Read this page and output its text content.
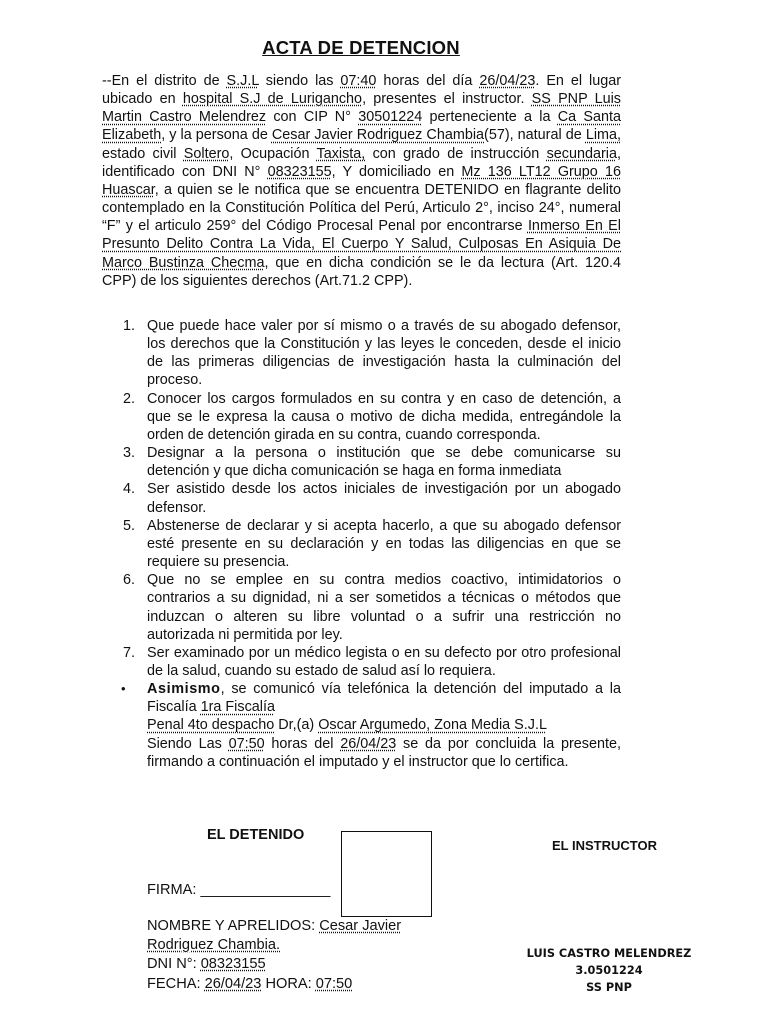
ACTA DE DETENCION

--En el distrito de S.J.L siendo las 07:40 horas del día 26/04/23. En el lugar ubicado en hospital S.J de Lurigancho, presentes el instructor. SS PNP Luis Martin Castro Melendrez con CIP N° 30501224 perteneciente a la Ca Santa Elizabeth, y la persona de Cesar Javier Rodriguez Chambia(57), natural de Lima, estado civil Soltero, Ocupación Taxista, con grado de instrucción secundaria, identificado con DNI N° 08323155, Y domiciliado en Mz 136 LT12 Grupo 16 Huascar, a quien se le notifica que se encuentra DETENIDO en flagrante delito contemplado en la Constitución Política del Perú, Articulo 2°, inciso 24°, numeral “F” y el articulo 259° del Código Procesal Penal por encontrarse Inmerso En El Presunto Delito Contra La Vida, El Cuerpo Y Salud, Culposas En Asiquia De Marco Bustinza Checma, que en dicha condición se le da lectura (Art. 120.4 CPP) de los siguientes derechos (Art.71.2 CPP).

1. Que puede hace valer por sí mismo o a través de su abogado defensor, los derechos que la Constitución y las leyes le conceden, desde el inicio de las primeras diligencias de investigación hasta la culminación del proceso.
2. Conocer los cargos formulados en su contra y en caso de detención, a que se le expresa la causa o motivo de dicha medida, entregándole la orden de detención girada en su contra, cuando corresponda.
3. Designar a la persona o institución que se debe comunicarse su detención y que dicha comunicación se haga en forma inmediata
4. Ser asistido desde los actos iniciales de investigación por un abogado defensor.
5. Abstenerse de declarar y si acepta hacerlo, a que su abogado defensor esté presente en su declaración y en todas las diligencias en que se requiere su presencia.
6. Que no se emplee en su contra medios coactivo, intimidatorios o contrarios a su dignidad, ni a ser sometidos a técnicas o métodos que induzcan o alteren su libre voluntad o a sufrir una restricción no autorizada ni permitida por ley.
7. Ser examinado por un médico legista o en su defecto por otro profesional de la salud, cuando su estado de salud así lo requiera.
• Asimismo, se comunicó vía telefónica la detención del imputado a la Fiscalía 1ra Fiscalía
Penal 4to despacho Dr,(a) Oscar Argumedo, Zona Media S.J.L
Siendo Las 07:50 horas del 26/04/23 se da por concluida la presente, firmando a continuación el imputado y el instructor que lo certifica.
EL DETENIDO
EL INSTRUCTOR
FIRMA: ________________
NOMBRE Y APRELIDOS: Cesar Javier
Rodriguez Chambia.
DNI N°: 08323155
FECHA: 26/04/23 HORA: 07:50
LUIS CASTRO MELENDREZ
3.0501224
SS PNP
